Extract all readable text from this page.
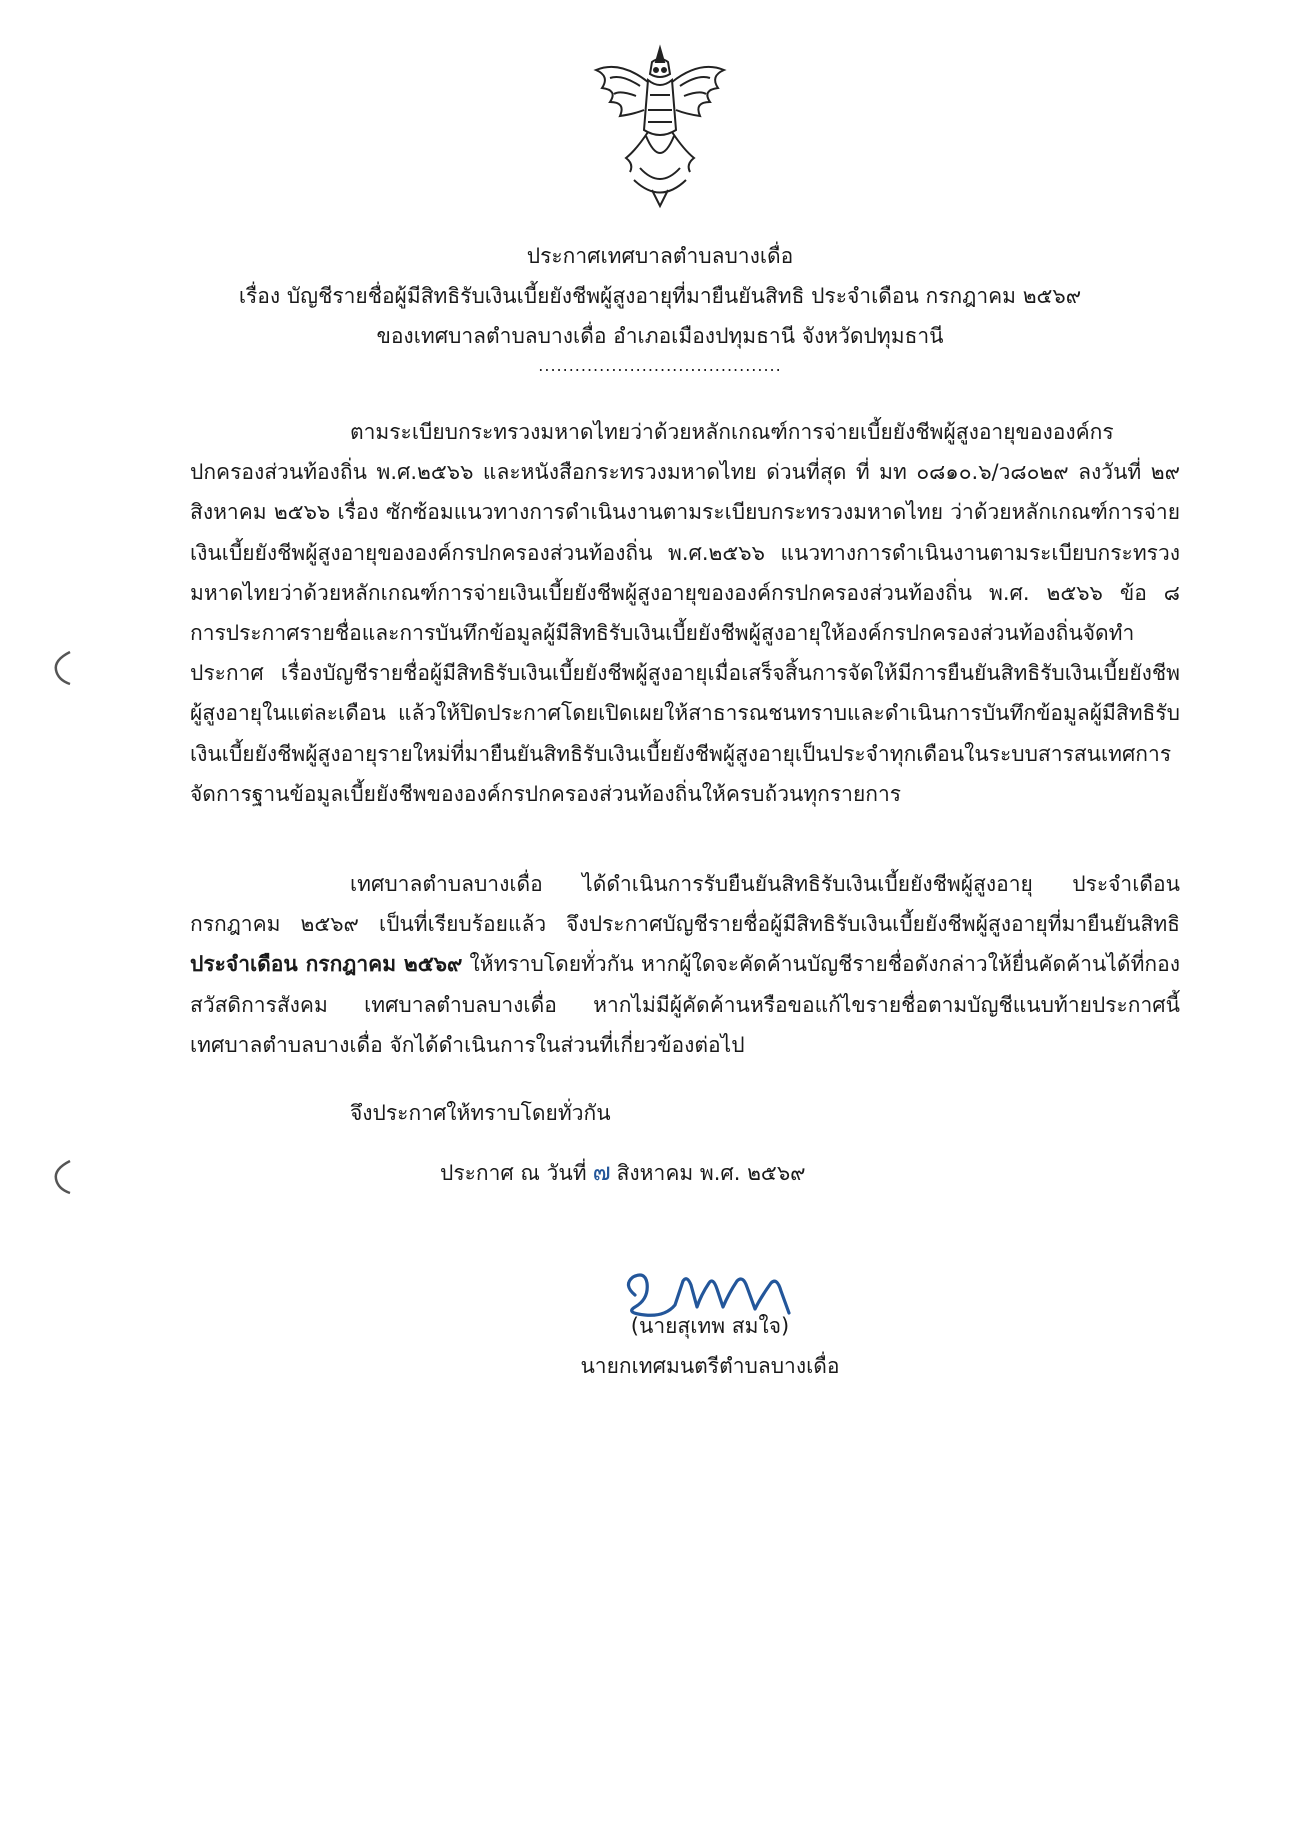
ประกาศเทศบาลตำบลบางเดื่อ
เรื่อง บัญชีรายชื่อผู้มีสิทธิรับเงินเบี้ยยังชีพผู้สูงอายุที่มายืนยันสิทธิ ประจำเดือน กรกฎาคม ๒๕๖๙
ของเทศบาลตำบลบางเดื่อ อำเภอเมืองปทุมธานี จังหวัดปทุมธานี
........................................
ตามระเบียบกระทรวงมหาดไทยว่าด้วยหลักเกณฑ์การจ่ายเบี้ยยังชีพผู้สูงอายุขององค์กรปกครองส่วนท้องถิ่น พ.ศ.๒๕๖๖ และหนังสือกระทรวงมหาดไทย ด่วนที่สุด ที่ มท ๐๘๑๐.๖/ว๘๐๒๙ ลงวันที่ ๒๙ สิงหาคม ๒๕๖๖ เรื่อง ซักซ้อมแนวทางการดำเนินงานตามระเบียบกระทรวงมหาดไทย ว่าด้วยหลักเกณฑ์การจ่ายเงินเบี้ยยังชีพผู้สูงอายุขององค์กรปกครองส่วนท้องถิ่น พ.ศ.๒๕๖๖ แนวทางการดำเนินงานตามระเบียบกระทรวงมหาดไทยว่าด้วยหลักเกณฑ์การจ่ายเงินเบี้ยยังชีพผู้สูงอายุขององค์กรปกครองส่วนท้องถิ่น พ.ศ. ๒๕๖๖ ข้อ ๘ การประกาศรายชื่อและการบันทึกข้อมูลผู้มีสิทธิรับเงินเบี้ยยังชีพผู้สูงอายุให้องค์กรปกครองส่วนท้องถิ่นจัดทำประกาศ เรื่องบัญชีรายชื่อผู้มีสิทธิรับเงินเบี้ยยังชีพผู้สูงอายุเมื่อเสร็จสิ้นการจัดให้มีการยืนยันสิทธิรับเงินเบี้ยยังชีพผู้สูงอายุในแต่ละเดือน แล้วให้ปิดประกาศโดยเปิดเผยให้สาธารณชนทราบและดำเนินการบันทึกข้อมูลผู้มีสิทธิรับเงินเบี้ยยังชีพผู้สูงอายุรายใหม่ที่มายืนยันสิทธิรับเงินเบี้ยยังชีพผู้สูงอายุเป็นประจำทุกเดือนในระบบสารสนเทศการจัดการฐานข้อมูลเบี้ยยังชีพขององค์กรปกครองส่วนท้องถิ่นให้ครบถ้วนทุกรายการ
เทศบาลตำบลบางเดื่อ ได้ดำเนินการรับยืนยันสิทธิรับเงินเบี้ยยังชีพผู้สูงอายุ ประจำเดือน กรกฎาคม ๒๕๖๙ เป็นที่เรียบร้อยแล้ว จึงประกาศบัญชีรายชื่อผู้มีสิทธิรับเงินเบี้ยยังชีพผู้สูงอายุที่มายืนยันสิทธิ ประจำเดือน กรกฎาคม ๒๕๖๙ ให้ทราบโดยทั่วกัน หากผู้ใดจะคัดค้านบัญชีรายชื่อดังกล่าวให้ยื่นคัดค้านได้ที่กองสวัสดิการสังคม เทศบาลตำบลบางเดื่อ หากไม่มีผู้คัดค้านหรือขอแก้ไขรายชื่อตามบัญชีแนบท้ายประกาศนี้ เทศบาลตำบลบางเดื่อ จักได้ดำเนินการในส่วนที่เกี่ยวข้องต่อไป
จึงประกาศให้ทราบโดยทั่วกัน
ประกาศ ณ วันที่ ๗ สิงหาคม พ.ศ. ๒๕๖๙
(นายสุเทพ สมใจ)
นายกเทศมนตรีตำบลบางเดื่อ
